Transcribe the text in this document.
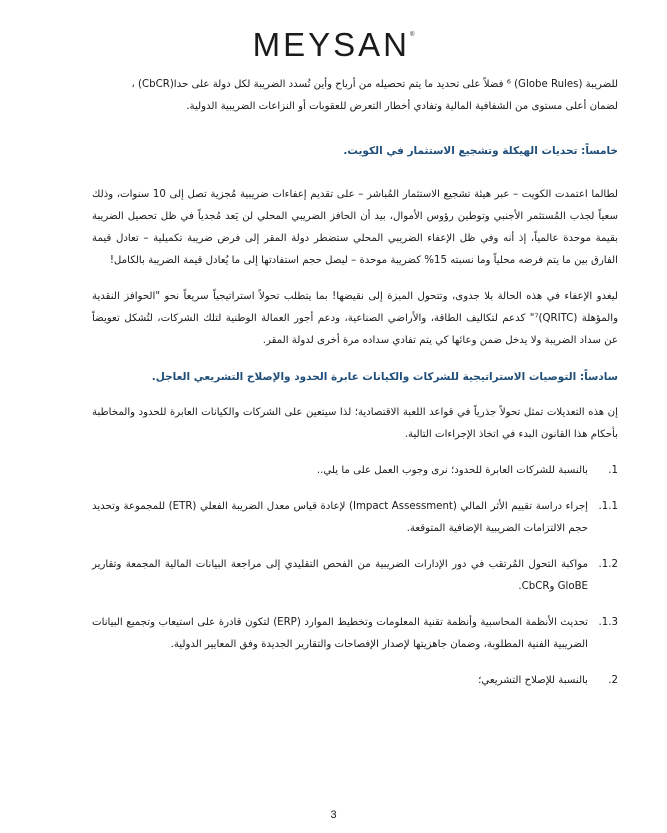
MEYSAN®

للضريبة (Globe Rules) ⁶ فضلاً على تحديد ما يتم تحصيله من أرباح وأين تُسدد الضريبة لكل دولة على حدا(CbCR) ،

لضمان أعلى مستوى من الشفافية المالية وتفادي أخطار التعرض للعقوبات أو النزاعات الضريبية الدولية.

خامساً: تحديات الهيكلة وتشجيع الاستثمار في الكويت.

لطالما اعتمدت الكويت – عبر هيئة تشجيع الاستثمار المُباشر – على تقديم إعفاءات ضريبية مُجزية تصل إلى 10 سنوات، وذلك سعياً لجذب المُستثمر الأجنبي وتوطين رؤوس الأموال، بيد أن الحافز الضريبي المحلي لن يَعد مُجدياً في ظل تحصيل الضريبة بقيمة موحدة عالمياً، إذ أنه وفي ظل الإعفاء الضريبي المحلي ستضطر دولة المقر إلى فرض ضريبة تكميلية – تعادل قيمة الفارق بين ما يتم فرضه محلياً وما نسبته 15% كضريبة موحدة – ليصل حجم استفادتها إلى ما يُعادل قيمة الضريبة بالكامل!

ليغدو الإعفاء في هذه الحالة بلا جدوى، وتتحول الميزة إلى نقيضها! بما يتطلب تحولاً استراتيجياً سريعاً نحو "الحوافز النقدية والمؤهلة (QRITC)⁷" كدعم لتكاليف الطاقة، والأراضي الصناعية، ودعم أجور العمالة الوطنية لتلك الشركات، لتُشكل تعويضاً عن سداد الضريبة ولا يدخل ضمن وعائها كي يتم تفادي سداده مرة أخرى لدولة المقر.

سادساً: التوصيات الاستراتيجية للشركات والكيانات عابرة الحدود والإصلاح التشريعي العاجل.

إن هذه التعديلات تمثل تحولاً جذرياً في قواعد اللعبة الاقتصادية؛ لذا سيتعين على الشركات والكيانات العابرة للحدود والمخاطبة بأحكام هذا القانون البدء في اتخاذ الإجراءات التالية.

1.
بالنسبة للشركات العابرة للحدود؛ نرى وجوب العمل على ما يلي..

1.1.
إجراء دراسة تقييم الأثر المالي (Impact Assessment) لإعادة قياس معدل الضريبة الفعلي (ETR) للمجموعة وتحديد حجم الالتزامات الضريبية الإضافية المتوقعة.

1.2.
مواكبة التحول المُرتقب في دور الإدارات الضريبية من الفحص التقليدي إلى مراجعة البيانات المالية المجمعة وتقارير GloBE وCbCR.

1.3.
تحديث الأنظمة المحاسبية وأنظمة تقنية المعلومات وتخطيط الموارد (ERP) لتكون قادرة على استيعاب وتجميع البيانات الضريبية الفنية المطلوبة، وضمان جاهزيتها لإصدار الإفصاحات والتقارير الجديدة وفق المعايير الدولية.

2.
بالنسبة للإصلاح التشريعي؛

3
